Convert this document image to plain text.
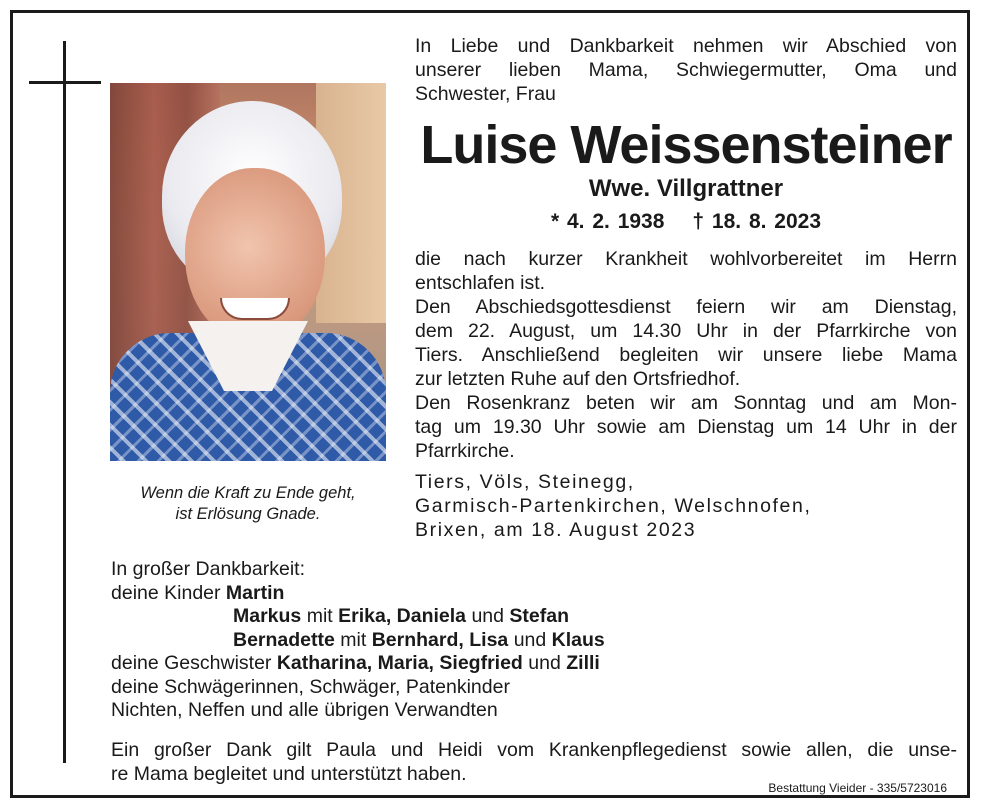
Wenn die Kraft zu Ende geht,
ist Erlösung Gnade.
In Liebe und Dankbarkeit nehmen wir Abschied von
unserer lieben Mama, Schwiegermutter, Oma und
Schwester, Frau
Luise Weissensteiner
Wwe. Villgrattner
* 4. 2. 1938 † 18. 8. 2023
die nach kurzer Krankheit wohlvorbereitet im Herrn
entschlafen ist.
Den Abschiedsgottesdienst feiern wir am Dienstag,
dem 22. August, um 14.30 Uhr in der Pfarrkirche von
Tiers. Anschließend begleiten wir unsere liebe Mama
zur letzten Ruhe auf den Ortsfriedhof.
Den Rosenkranz beten wir am Sonntag und am Mon-
tag um 19.30 Uhr sowie am Dienstag um 14 Uhr in der
Pfarrkirche.
Tiers, Völs, Steinegg,
Garmisch-Partenkirchen, Welschnofen,
Brixen, am 18. August 2023
In großer Dankbarkeit:
deine Kinder Martin
Markus mit Erika, Daniela und Stefan
Bernadette mit Bernhard, Lisa und Klaus
deine Geschwister Katharina, Maria, Siegfried und Zilli
deine Schwägerinnen, Schwäger, Patenkinder
Nichten, Neffen und alle übrigen Verwandten
Ein großer Dank gilt Paula und Heidi vom Krankenpflegedienst sowie allen, die unse-
re Mama begleitet und unterstützt haben.
Bestattung Vieider - 335/5723016
